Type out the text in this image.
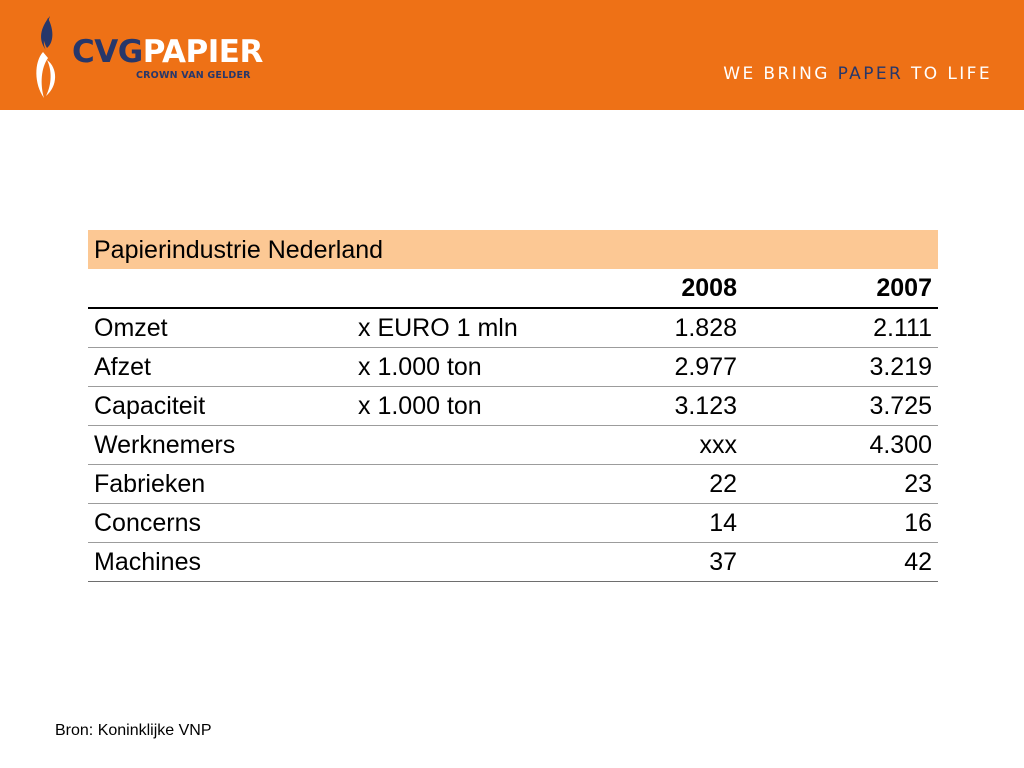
CVGPAPIER
CROWN VAN GELDER	WE BRING PAPER TO LIFE
Papierindustrie Nederland			
		2008	2007
Omzet	x EURO 1 mln	1.828	2.111
Afzet	x 1.000 ton	2.977	3.219
Capaciteit	x 1.000 ton	3.123	3.725
Werknemers		xxx	4.300
Fabrieken		22	23
Concerns		14	16
Machines		37	42
Bron: Koninklijke VNP
